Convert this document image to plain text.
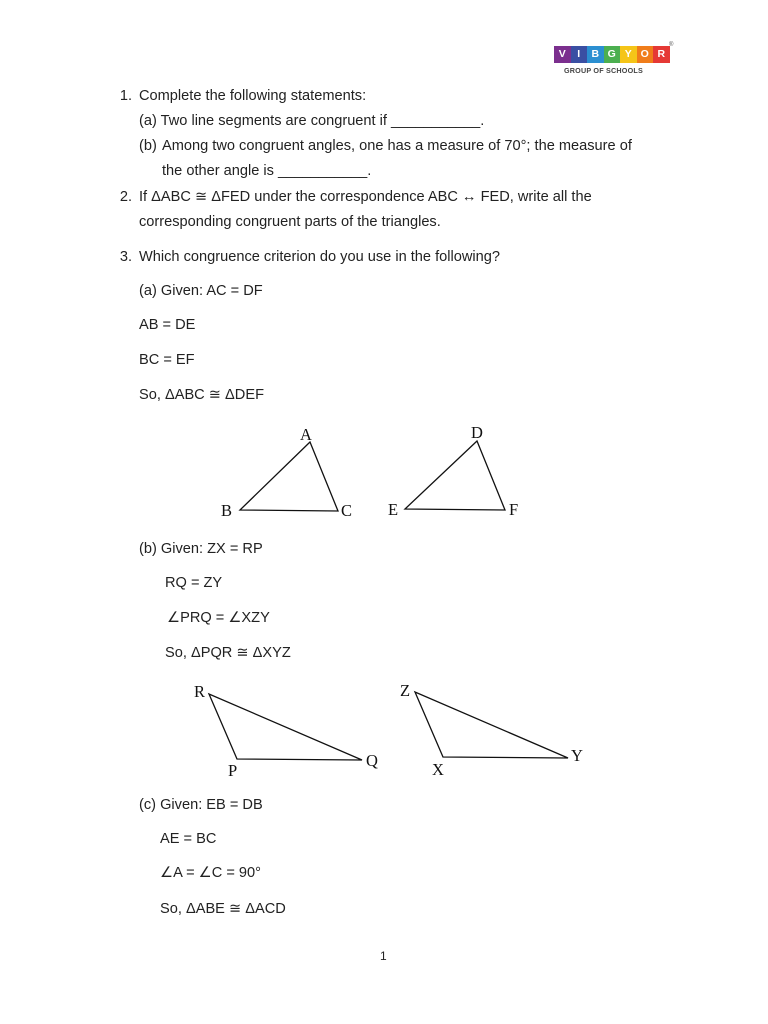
V	I	B G Y O R
®
GROUP OF SCHOOLS
1. Complete the following statements:
(a) Two line segments are congruent if ___________.
(b) Among two congruent angles, one has a measure of 70°; the measure of
the other angle is ___________.
2. If ΔABC ≅ ΔFED under the correspondence ABC ↔ FED, write all the
corresponding congruent parts of the triangles.
3. Which congruence criterion do you use in the following?
(a) Given: AC = DF
AB = DE
BC = EF
So, ΔABC ≅ ΔDEF
(b) Given: ZX = RP
RQ = ZY
∠PRQ = ∠XZY
So, ΔPQR ≅ ΔXYZ
(c) Given: EB = DB
AE = BC
∠A = ∠C = 90°
So, ΔABE ≅ ΔACD
A
B	C
D
E	F
R
P
Q
Z
X
Y
1
